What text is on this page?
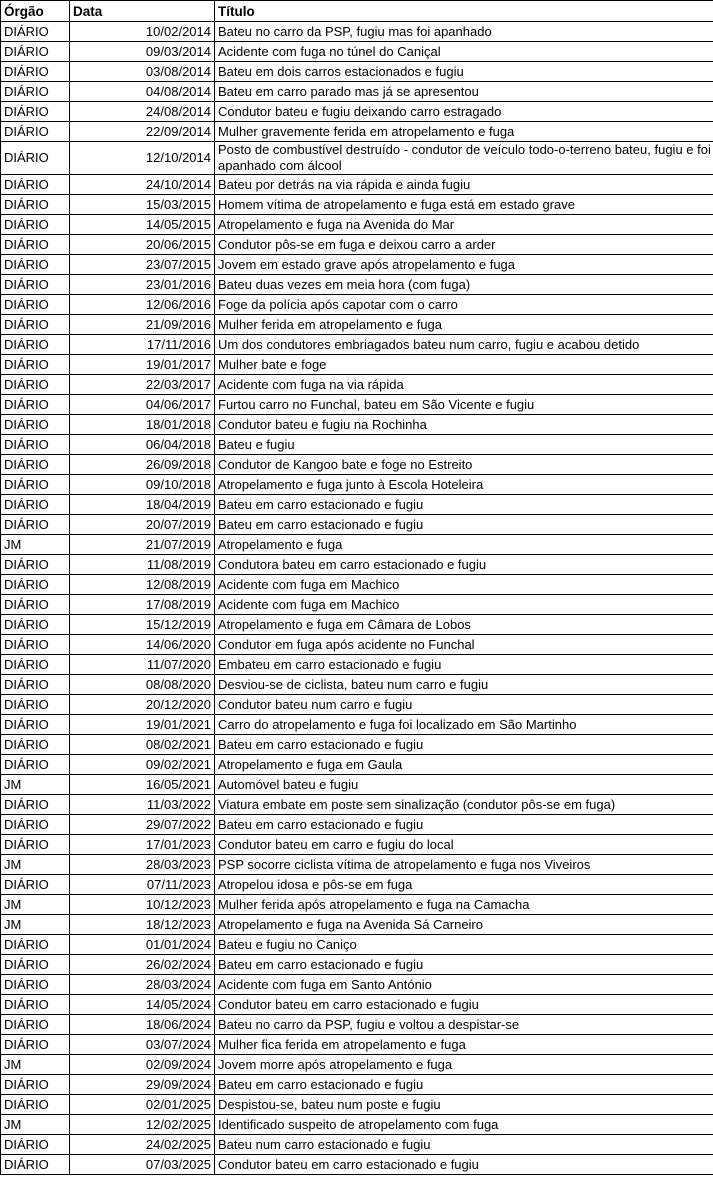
Órgão	Data	Título
DIÁRIO	10/02/2014	Bateu no carro da PSP, fugiu mas foi apanhado
DIÁRIO	09/03/2014	Acidente com fuga no túnel do Caniçal
DIÁRIO	03/08/2014	Bateu em dois carros estacionados e fugiu
DIÁRIO	04/08/2014	Bateu em carro parado mas já se apresentou
DIÁRIO	24/08/2014	Condutor bateu e fugiu deixando carro estragado
DIÁRIO	22/09/2014	Mulher gravemente ferida em atropelamento e fuga
DIÁRIO	12/10/2014	Posto de combustível destruído - condutor de veículo todo-o-terreno bateu, fugiu e foi apanhado com álcool
DIÁRIO	24/10/2014	Bateu por detrás na via rápida e ainda fugiu
DIÁRIO	15/03/2015	Homem vítima de atropelamento e fuga está em estado grave
DIÁRIO	14/05/2015	Atropelamento e fuga na Avenida do Mar
DIÁRIO	20/06/2015	Condutor pôs-se em fuga e deixou carro a arder
DIÁRIO	23/07/2015	Jovem em estado grave após atropelamento e fuga
DIÁRIO	23/01/2016	Bateu duas vezes em meia hora (com fuga)
DIÁRIO	12/06/2016	Foge da polícia após capotar com o carro
DIÁRIO	21/09/2016	Mulher ferida em atropelamento e fuga
DIÁRIO	17/11/2016	Um dos condutores embriagados bateu num carro, fugiu e acabou detido
DIÁRIO	19/01/2017	Mulher bate e foge
DIÁRIO	22/03/2017	Acidente com fuga na via rápida
DIÁRIO	04/06/2017	Furtou carro no Funchal, bateu em São Vicente e fugiu
DIÁRIO	18/01/2018	Condutor bateu e fugiu na Rochinha
DIÁRIO	06/04/2018	Bateu e fugiu
DIÁRIO	26/09/2018	Condutor de Kangoo bate e foge no Estreito
DIÁRIO	09/10/2018	Atropelamento e fuga junto à Escola Hoteleira
DIÁRIO	18/04/2019	Bateu em carro estacionado e fugiu
DIÁRIO	20/07/2019	Bateu em carro estacionado e fugiu
JM	21/07/2019	Atropelamento e fuga
DIÁRIO	11/08/2019	Condutora bateu em carro estacionado e fugiu
DIÁRIO	12/08/2019	Acidente com fuga em Machico
DIÁRIO	17/08/2019	Acidente com fuga em Machico
DIÁRIO	15/12/2019	Atropelamento e fuga em Câmara de Lobos
DIÁRIO	14/06/2020	Condutor em fuga após acidente no Funchal
DIÁRIO	11/07/2020	Embateu em carro estacionado e fugiu
DIÁRIO	08/08/2020	Desviou-se de ciclista, bateu num carro e fugiu
DIÁRIO	20/12/2020	Condutor bateu num carro e fugiu
DIÁRIO	19/01/2021	Carro do atropelamento e fuga foi localizado em São Martinho
DIÁRIO	08/02/2021	Bateu em carro estacionado e fugiu
DIÁRIO	09/02/2021	Atropelamento e fuga em Gaula
JM	16/05/2021	Automóvel bateu e fugiu
DIÁRIO	11/03/2022	Viatura embate em poste sem sinalização (condutor pôs-se em fuga)
DIÁRIO	29/07/2022	Bateu em carro estacionado e fugiu
DIÁRIO	17/01/2023	Condutor bateu em carro e fugiu do local
JM	28/03/2023	PSP socorre ciclista vítima de atropelamento e fuga nos Viveiros
DIÁRIO	07/11/2023	Atropelou idosa e pôs-se em fuga
JM	10/12/2023	Mulher ferida após atropelamento e fuga na Camacha
JM	18/12/2023	Atropelamento e fuga na Avenida Sá Carneiro
DIÁRIO	01/01/2024	Bateu e fugiu no Caniço
DIÁRIO	26/02/2024	Bateu em carro estacionado e fugiu
DIÁRIO	28/03/2024	Acidente com fuga em Santo António
DIÁRIO	14/05/2024	Condutor bateu em carro estacionado e fugiu
DIÁRIO	18/06/2024	Bateu no carro da PSP, fugiu e voltou a despistar-se
DIÁRIO	03/07/2024	Mulher fica ferida em atropelamento e fuga
JM	02/09/2024	Jovem morre após atropelamento e fuga
DIÁRIO	29/09/2024	Bateu em carro estacionado e fugiu
DIÁRIO	02/01/2025	Despistou-se, bateu num poste e fugiu
JM	12/02/2025	Identificado suspeito de atropelamento com fuga
DIÁRIO	24/02/2025	Bateu num carro estacionado e fugiu
DIÁRIO	07/03/2025	Condutor bateu em carro estacionado e fugiu
